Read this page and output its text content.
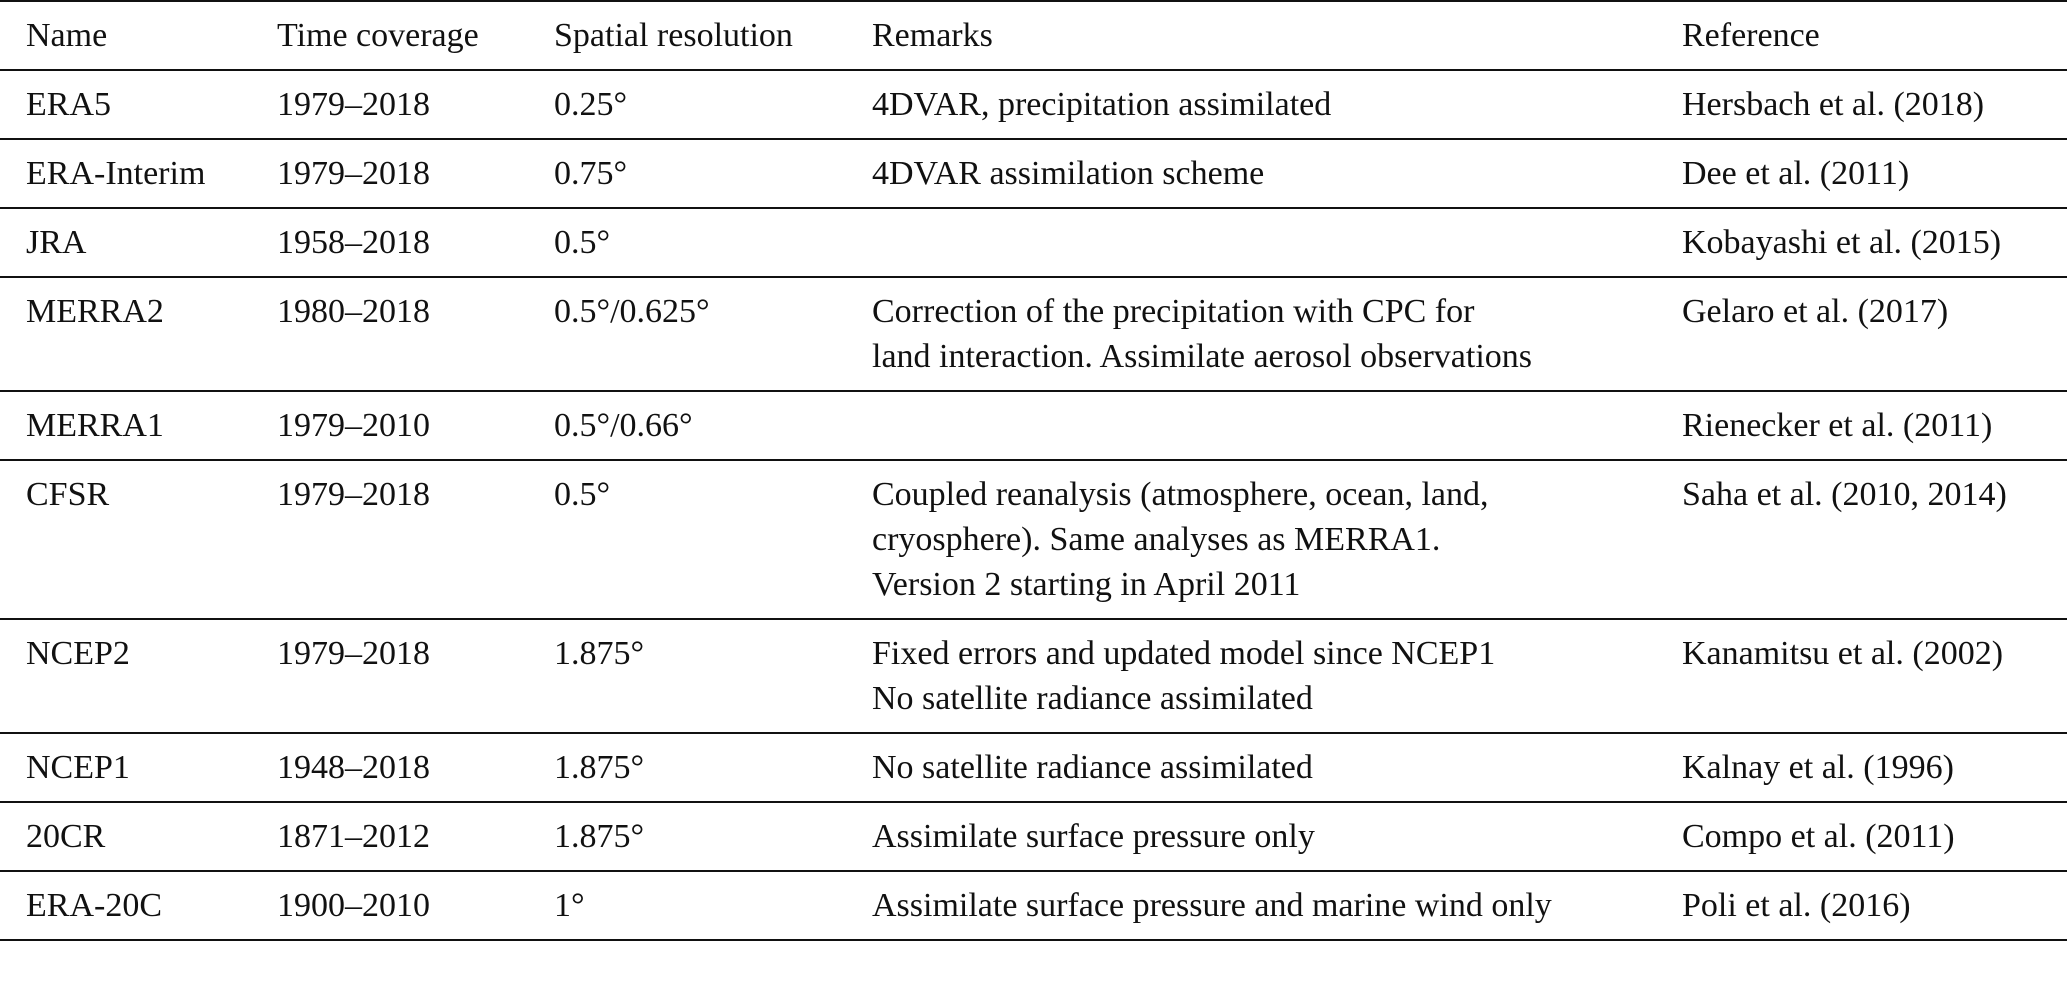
Name	Time coverage	Spatial resolution	Remarks	Reference
ERA5	1979–2018	0.25°	4DVAR, precipitation assimilated	Hersbach et al. (2018)
ERA-Interim	1979–2018	0.75°	4DVAR assimilation scheme	Dee et al. (2011)
JRA	1958–2018	0.5°		Kobayashi et al. (2015)
MERRA2	1980–2018	0.5°/0.625°	Correction of the precipitation with CPC for
land interaction. Assimilate aerosol observations	Gelaro et al. (2017)
MERRA1	1979–2010	0.5°/0.66°		Rienecker et al. (2011)
CFSR	1979–2018	0.5°	Coupled reanalysis (atmosphere, ocean, land,
cryosphere). Same analyses as MERRA1.
Version 2 starting in April 2011	Saha et al. (2010, 2014)
NCEP2	1979–2018	1.875°	Fixed errors and updated model since NCEP1
No satellite radiance assimilated	Kanamitsu et al. (2002)
NCEP1	1948–2018	1.875°	No satellite radiance assimilated	Kalnay et al. (1996)
20CR	1871–2012	1.875°	Assimilate surface pressure only	Compo et al. (2011)
ERA-20C	1900–2010	1°	Assimilate surface pressure and marine wind only	Poli et al. (2016)
